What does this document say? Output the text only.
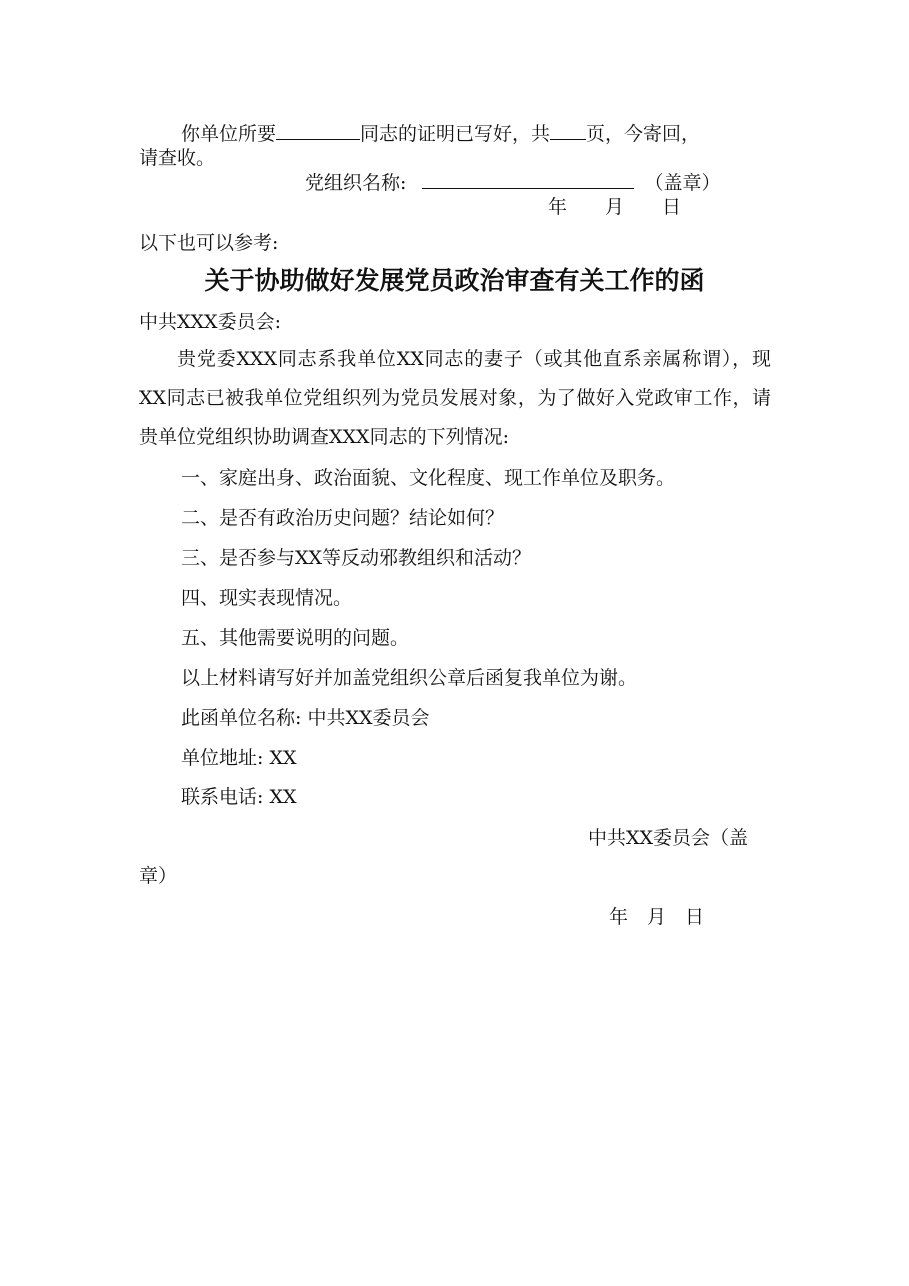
你单位所要	同志的证明已写好，共 页，今寄回，
请查收。
党组织名称:	（盖章）
年　　月　　日
以下也可以参考:
关于协助做好发展党员政治审查有关工作的函
中共XXX委员会:
贵党委XXX同志系我单位XX同志的妻子（或其他直系亲属称谓），现XX同志已被我单位党组织列为党员发展对象，为了做好入党政审工作，请贵单位党组织协助调查XXX同志的下列情况:
一、家庭出身、政治面貌、文化程度、现工作单位及职务。
二、是否有政治历史问题？结论如何？
三、是否参与XX等反动邪教组织和活动？
四、现实表现情况。
五、其他需要说明的问题。
以上材料请写好并加盖党组织公章后函复我单位为谢。
此函单位名称: 中共XX委员会
单位地址: XX
联系电话: XX
中共XX委员会（盖
章）
年　月　日
